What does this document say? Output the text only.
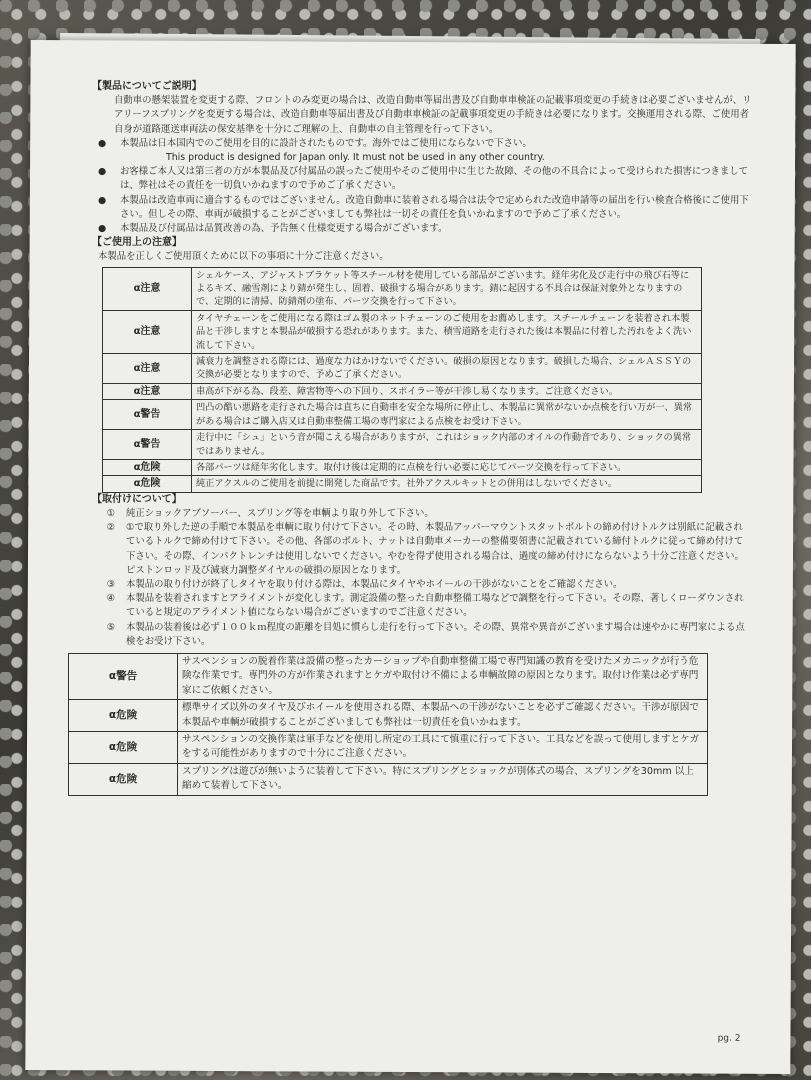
pg. 2

【製品についてご説明】

自動車の懸架装置を変更する際、フロントのみ変更の場合は、改造自動車等届出書及び自動車車検証の記載事項変更の手続きは必要ございませんが、リアリーフスプリングを変更する場合は、改造自動車等届出書及び自動車車検証の記載事項変更の手続きは必要になります。交換運用される際、ご使用者自身が道路運送車両法の保安基準を十分にご理解の上、自動車の自主管理を行って下さい。

●	本製品は日本国内でのご使用を目的に設計されたものです。海外ではご使用にならないで下さい。
This product is designed for Japan only. It must not be used in any other country.
●	お客様ご本人又は第三者の方が本製品及び付属品の誤ったご使用やそのご使用中に生じた故障、その他の不具合によって受けられた損害につきましては、弊社はその責任を一切負いかねますので予めご了承ください。
●	本製品は改造車両に適合するものではございません。改造自動車に装着される場合は法令で定められた改造申請等の届出を行い検査合格後にご使用下さい。但しその際、車両が破損することがございましても弊社は一切その責任を負いかねますので予めご了承ください。
●	本製品及び付属品は品質改善の為、予告無く仕様変更する場合がございます。

【ご使用上の注意】

本製品を正しくご使用頂くために以下の事項に十分ご注意ください。

α注意	シェルケース、アジャストブラケット等スチール材を使用している部品がございます。経年劣化及び走行中の飛び石等によるキズ、融雪剤により錆が発生し、固着、破損する場合があります。錆に起因する不具合は保証対象外となりますので、定期的に清掃、防錆剤の塗布、パーツ交換を行って下さい。
α注意	タイヤチェーンをご使用になる際はゴム製のネットチェーンのご使用をお薦めします。スチールチェーンを装着され本製品と干渉しますと本製品が破損する恐れがあります。また、積雪道路を走行された後は本製品に付着した汚れをよく洗い流して下さい。
α注意	減衰力を調整される際には、過度な力はかけないでください。破損の原因となります。破損した場合、シェルＡＳＳＹの交換が必要となりますので、予めご了承ください。
α注意	車高が下がる為、段差、障害物等への下回り、スポイラー等が干渉し易くなります。ご注意ください。
α警告	凹凸の酷い悪路を走行された場合は直ちに自動車を安全な場所に停止し、本製品に異常がないか点検を行い万が一、異常がある場合はご購入店又は自動車整備工場の専門家による点検をお受け下さい。
α警告	走行中に「シュ」という音が聞こえる場合がありますが、これはショック内部のオイルの作動音であり、ショックの異常ではありません。
α危険	各部パーツは経年劣化します。取付け後は定期的に点検を行い必要に応じてパーツ交換を行って下さい。
α危険	純正アクスルのご使用を前提に開発した商品です。社外アクスルキットとの併用はしないでください。

【取付けについて】

①	純正ショックアブソーバー、スプリング等を車輌より取り外して下さい。
②	①で取り外した逆の手順で本製品を車輌に取り付けて下さい。その時、本製品アッパーマウントスタットボルトの締め付けトルクは別紙に記載されているトルクで締め付けて下さい。その他、各部のボルト、ナットは自動車メーカーの整備要領書に記載されている締付トルクに従って締め付けて下さい。その際、インパクトレンチは使用しないでください。やむを得ず使用される場合は、過度の締め付けにならないよう十分ご注意ください。ピストンロッド及び減衰力調整ダイヤルの破損の原因となります。
③	本製品の取り付けが終了しタイヤを取り付ける際は、本製品にタイヤやホイールの干渉がないことをご確認ください。
④	本製品を装着されますとアライメントが変化します。測定設備の整った自動車整備工場などで調整を行って下さい。その際、著しくローダウンされていると規定のアライメント値にならない場合がございますのでご注意ください。
⑤	本製品の装着後は必ず１００ｋｍ程度の距離を目処に慣らし走行を行って下さい。その際、異常や異音がございます場合は速やかに専門家による点検をお受け下さい。
α警告	サスペンションの脱着作業は設備の整ったカーショップや自動車整備工場で専門知識の教育を受けたメカニックが行う危険な作業です。専門外の方が作業されますとケガや取付け不備による車輌故障の原因となります。取付け作業は必ず専門家にご依頼ください。
α危険	標準サイズ以外のタイヤ及びホイールを使用される際、本製品への干渉がないことを必ずご確認ください。干渉が原因で本製品や車輌が破損することがございましても弊社は一切責任を負いかねます。
α危険	サスペンションの交換作業は軍手などを使用し所定の工具にて慎重に行って下さい。工具などを誤って使用しますとケガをする可能性がありますので十分にご注意ください。
α危険	スプリングは遊びが無いように装着して下さい。特にスプリングとショックが別体式の場合、スプリングを30mm 以上縮めて装着して下さい。
